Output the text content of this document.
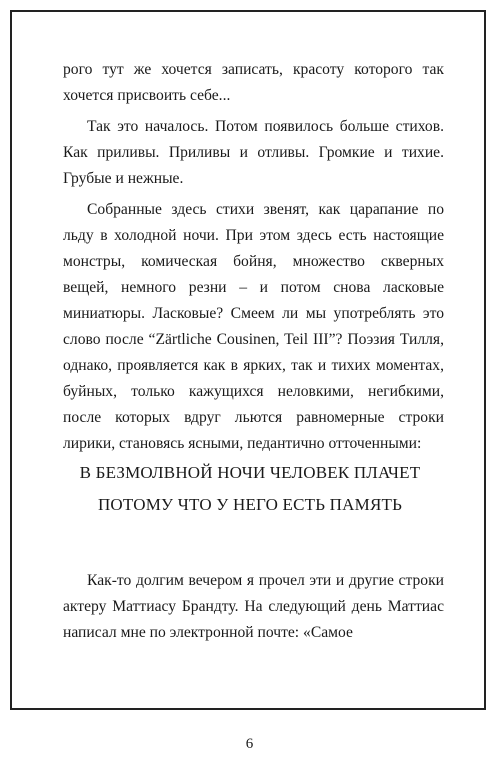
рого тут же хочется записать, красоту которого так хочется присвоить себе...

Так это началось. Потом появилось больше стихов. Как приливы. Приливы и отливы. Громкие и тихие. Грубые и нежные.

Собранные здесь стихи звенят, как царапание по льду в холодной ночи. При этом здесь есть настоящие монстры, комическая бойня, множество скверных вещей, немного резни – и потом снова ласковые миниатюры. Ласковые? Смеем ли мы употреблять это слово после “Zärtliche Cousinen, Teil III”? Поэзия Тилля, однако, проявляется как в ярких, так и тихих моментах, буйных, только кажущихся неловкими, негибкими, после которых вдруг льются равномерные строки лирики, становясь ясными, педантично отточенными:

В БЕЗМОЛВНОЙ НОЧИ ЧЕЛОВЕК ПЛАЧЕТ
ПОТОМУ ЧТО У НЕГО ЕСТЬ ПАМЯТЬ

Как-то долгим вечером я прочел эти и другие строки актеру Маттиасу Брандту. На следующий день Маттиас написал мне по электронной почте: «Самое

6
